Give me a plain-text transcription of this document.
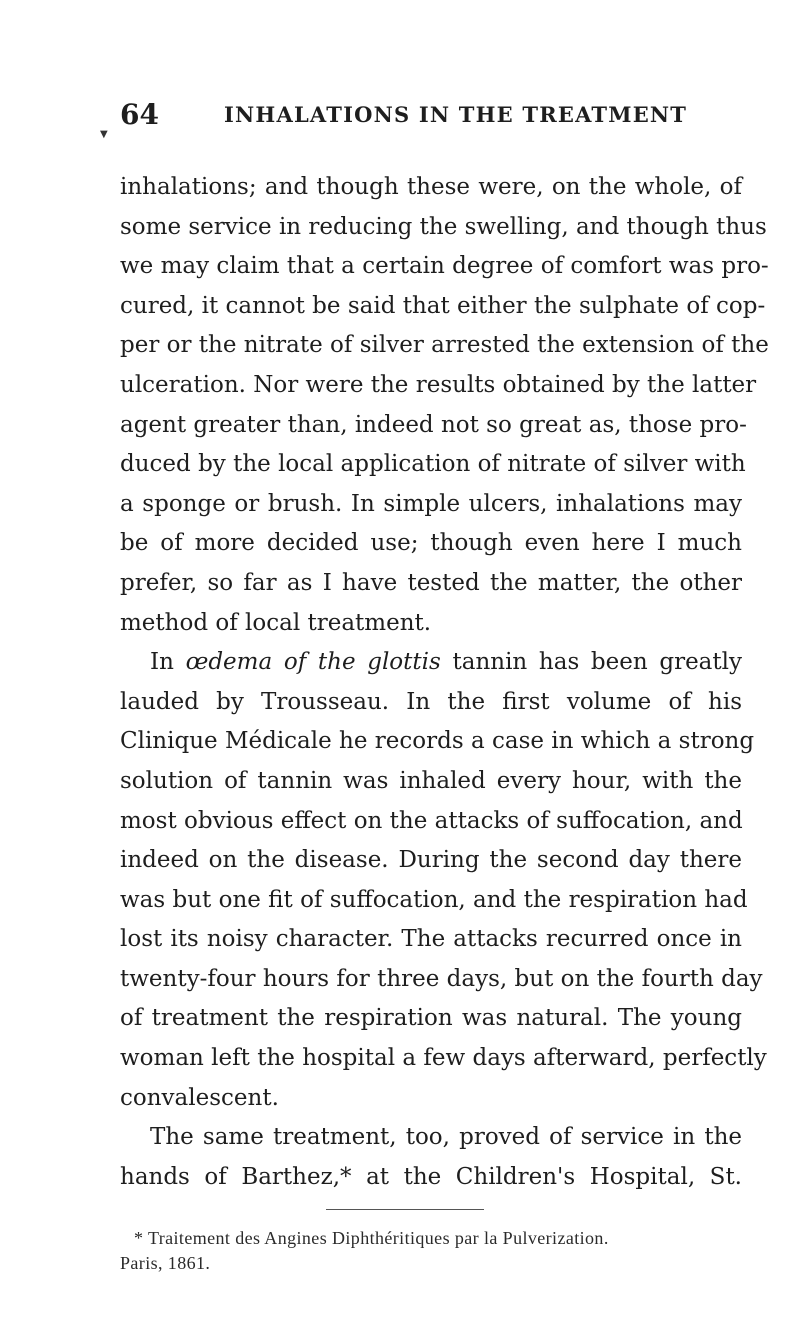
64	INHALATIONS IN THE TREATMENT
▼
inhalations; and though these were, on the whole, of
some service in reducing the swelling, and though thus
we may claim that a certain degree of comfort was pro-
cured, it cannot be said that either the sulphate of cop-
per or the nitrate of silver arrested the extension of the
ulceration. Nor were the results obtained by the latter
agent greater than, indeed not so great as, those pro-
duced by the local application of nitrate of silver with
a sponge or brush. In simple ulcers, inhalations may
be of more decided use; though even here I much
prefer, so far as I have tested the matter, the other
method of local treatment.
In œdema of the glottis tannin has been greatly
lauded by Trousseau. In the first volume of his
Clinique Médicale he records a case in which a strong
solution of tannin was inhaled every hour, with the
most obvious effect on the attacks of suffocation, and
indeed on the disease. During the second day there
was but one fit of suffocation, and the respiration had
lost its noisy character. The attacks recurred once in
twenty-four hours for three days, but on the fourth day
of treatment the respiration was natural. The young
woman left the hospital a few days afterward, perfectly
convalescent.
The same treatment, too, proved of service in the
hands of Barthez,* at the Children's Hospital, St.
* Traitement des Angines Diphthéritiques par la Pulverization.
Paris, 1861.
